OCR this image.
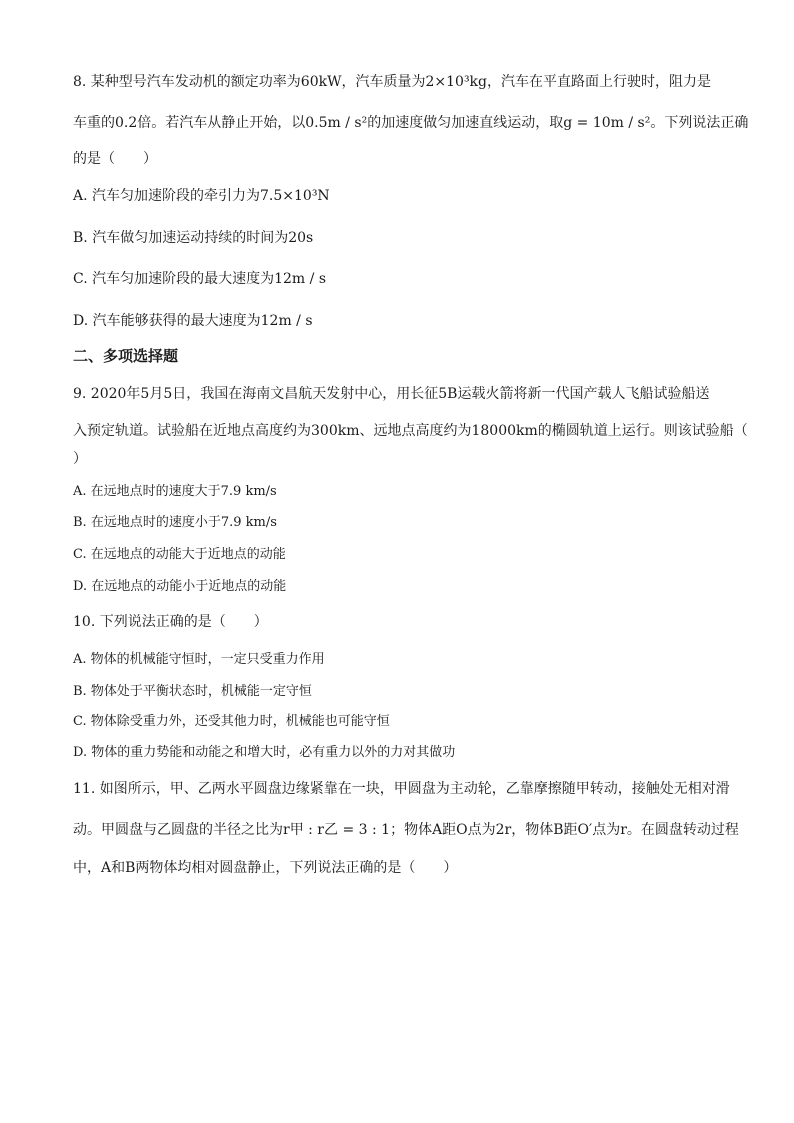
8. 某种型号汽车发动机的额定功率为60kW，汽车质量为2×10³kg，汽车在平直路面上行驶时，阻力是
车重的0.2倍。若汽车从静止开始，以0.5m / s²的加速度做匀加速直线运动，取g = 10m / s²。下列说法正确
的是（　　）
A. 汽车匀加速阶段的牵引力为7.5×10³N
B. 汽车做匀加速运动持续的时间为20s
C. 汽车匀加速阶段的最大速度为12m / s
D. 汽车能够获得的最大速度为12m / s
二、多项选择题
9. 2020年5月5日，我国在海南文昌航天发射中心，用长征5B运载火箭将新一代国产载人飞船试验船送
入预定轨道。试验船在近地点高度约为300km、远地点高度约为18000km的椭圆轨道上运行。则该试验船（
）
A. 在远地点时的速度大于7.9 km/s
B. 在远地点时的速度小于7.9 km/s
C. 在远地点的动能大于近地点的动能
D. 在远地点的动能小于近地点的动能
10. 下列说法正确的是（　　）
A. 物体的机械能守恒时，一定只受重力作用
B. 物体处于平衡状态时，机械能一定守恒
C. 物体除受重力外，还受其他力时，机械能也可能守恒
D. 物体的重力势能和动能之和增大时，必有重力以外的力对其做功
11. 如图所示，甲、乙两水平圆盘边缘紧靠在一块，甲圆盘为主动轮，乙靠摩擦随甲转动，接触处无相对滑
动。甲圆盘与乙圆盘的半径之比为r甲 : r乙 = 3 : 1；物体A距O点为2r，物体B距O′点为r。在圆盘转动过程
中，A和B两物体均相对圆盘静止，下列说法正确的是（　　）
